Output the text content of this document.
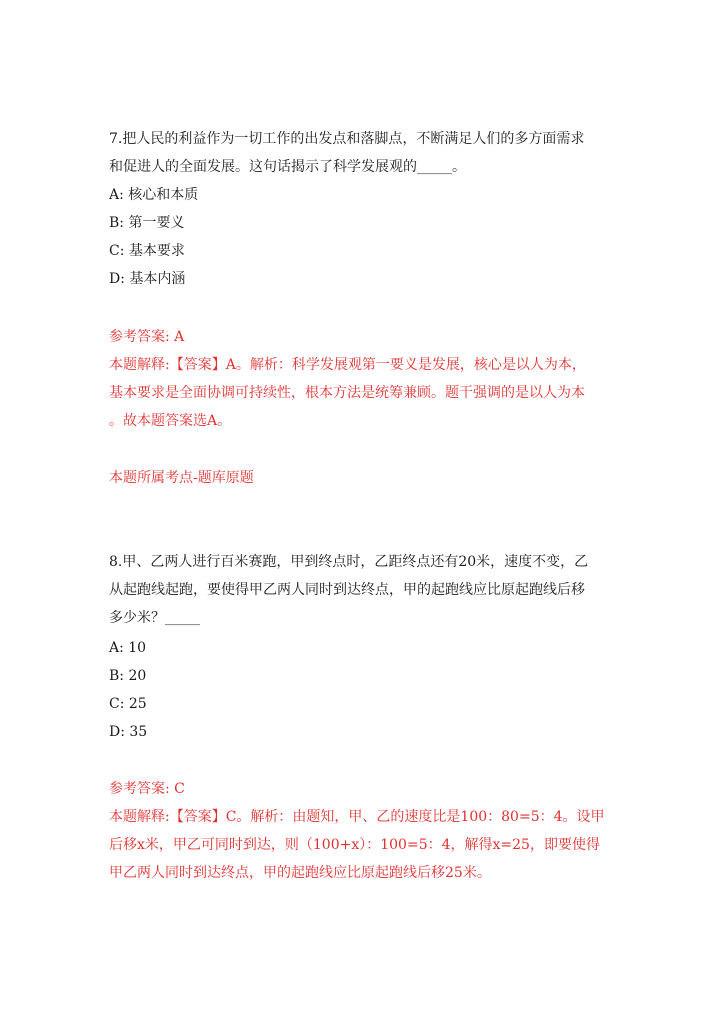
7.把人民的利益作为一切工作的出发点和落脚点，不断满足人们的多方面需求
和促进人的全面发展。这句话揭示了科学发展观的_____。
A: 核心和本质
B: 第一要义
C: 基本要求
D: 基本内涵
参考答案: A
本题解释:【答案】A。解析：科学发展观第一要义是发展，核心是以人为本，
基本要求是全面协调可持续性，根本方法是统筹兼顾。题干强调的是以人为本
。故本题答案选A。
本题所属考点-题库原题
8.甲、乙两人进行百米赛跑，甲到终点时，乙距终点还有20米，速度不变，乙
从起跑线起跑，要使得甲乙两人同时到达终点，甲的起跑线应比原起跑线后移
多少米？_____
A: 10
B: 20
C: 25
D: 35
参考答案: C
本题解释:【答案】C。解析：由题知，甲、乙的速度比是100：80=5：4。设甲
后移x米，甲乙可同时到达，则（100+x）：100=5：4，解得x=25，即要使得
甲乙两人同时到达终点，甲的起跑线应比原起跑线后移25米。
